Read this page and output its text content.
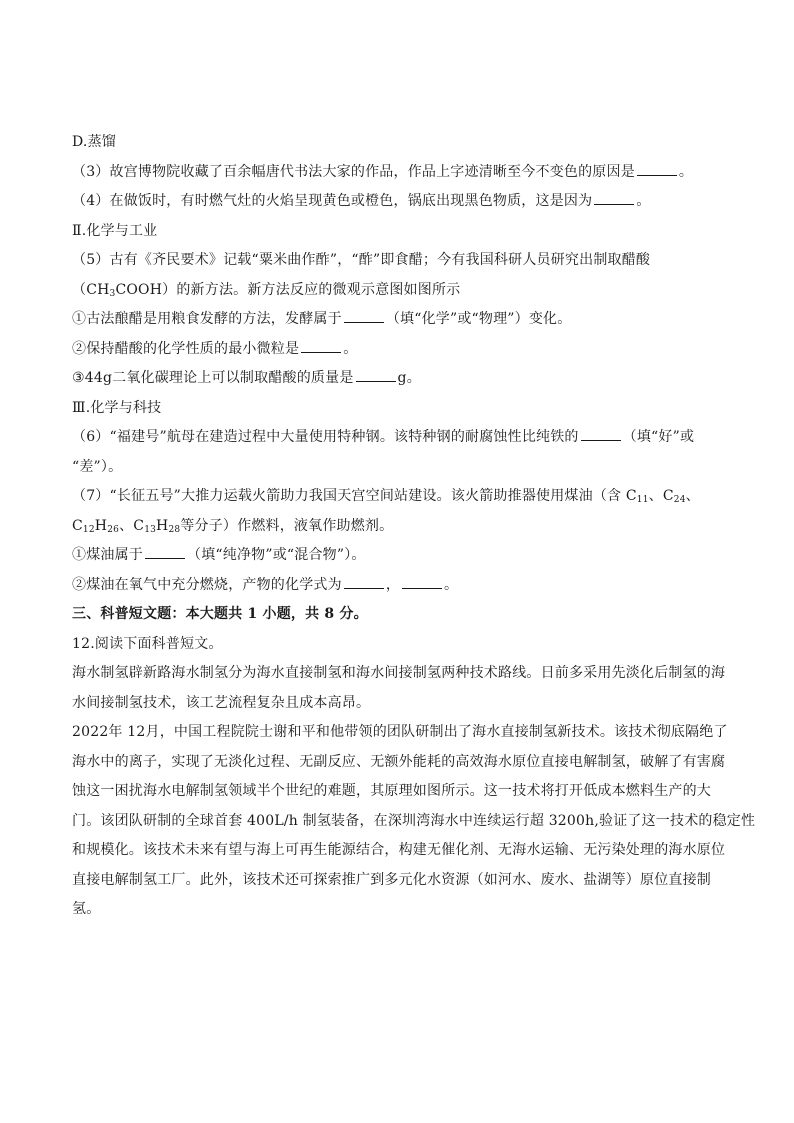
D.蒸馏
（3）故宫博物院收藏了百余幅唐代书法大家的作品，作品上字迹清晰至今不变色的原因是	。
（4）在做饭时，有时燃气灶的火焰呈现黄色或橙色，锅底出现黑色物质，这是因为	。
Ⅱ.化学与工业
（5）古有《齐民要术》记载“粟米曲作酢”，“酢”即食醋；今有我国科研人员研究出制取醋酸
$(CH_3COOH)$的新方法。新方法反应的微观示意图如图所示
①古法酿醋是用粮食发酵的方法，发酵属于	（填“化学”或“物理”）变化。
②保持醋酸的化学性质的最小微粒是	。
③44g二氧化碳理论上可以制取醋酸的质量是	g。
Ⅲ.化学与科技
（6）“福建号”航母在建造过程中大量使用特种钢。该特种钢的耐腐蚀性比纯铁的	（填“好”或
“差”）。
（7）“长征五号”大推力运载火箭助力我国天宫空间站建设。该火箭助推器使用煤油（含 $C_{11}$、$C_{24}$、
$C_{12}H_{26}$、$C_{13}H_{28}$等分子）作燃料，液氧作助燃剂。
①煤油属于	（填“纯净物”或“混合物”）。
②煤油在氧气中充分燃烧，产物的化学式为	，	。
三、科普短文题：本大题共 1 小题，共 8 分。
12.阅读下面科普短文。
海水制氢辟新路海水制氢分为海水直接制氢和海水间接制氢两种技术路线。日前多采用先淡化后制氢的海
水间接制氢技术，该工艺流程复杂且成本高昂。
2022年 12月，中国工程院院士谢和平和他带领的团队研制出了海水直接制氢新技术。该技术彻底隔绝了
海水中的离子，实现了无淡化过程、无副反应、无额外能耗的高效海水原位直接电解制氢，破解了有害腐
蚀这一困扰海水电解制氢领域半个世纪的难题，其原理如图所示。这一技术将打开低成本燃料生产的大
门。该团队研制的全球首套 400L/h 制氢装备，在深圳湾海水中连续运行超 3200h,验证了这一技术的稳定性
和规模化。该技术未来有望与海上可再生能源结合，构建无催化剂、无海水运输、无污染处理的海水原位
直接电解制氢工厂。此外，该技术还可探索推广到多元化水资源（如河水、废水、盐湖等）原位直接制
氢。
